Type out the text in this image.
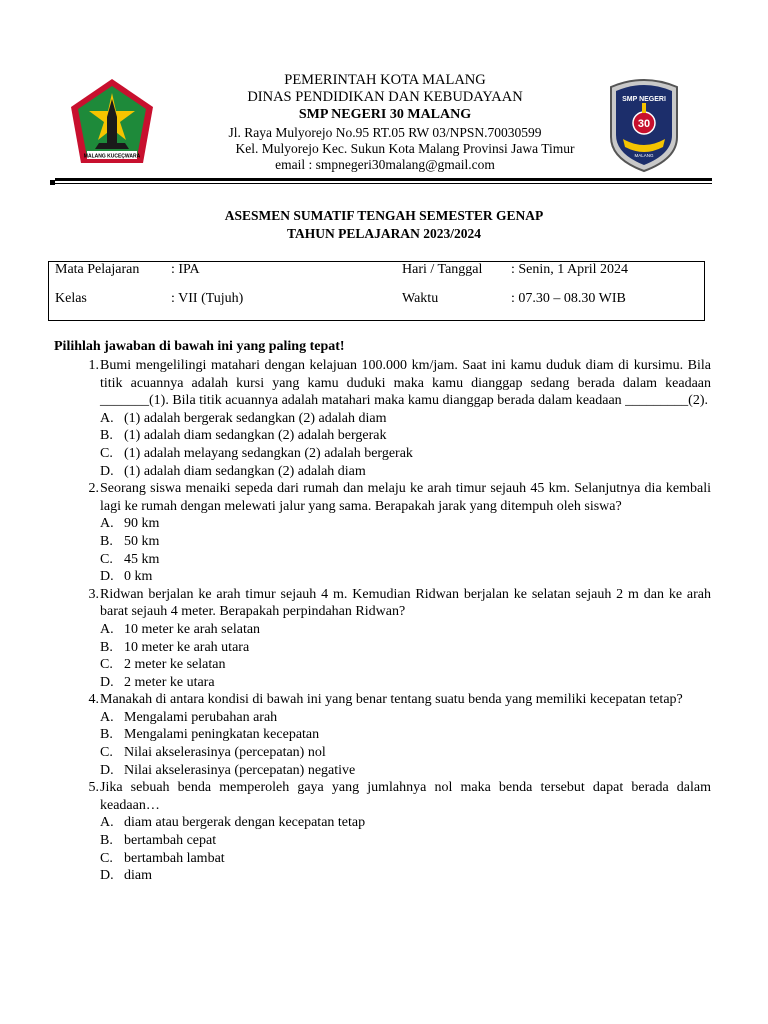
MALANG KUCEÇWARA
SMP NEGERI
30
MALANG
PEMERINTAH KOTA MALANG
DINAS PENDIDIKAN DAN KEBUDAYAAN
SMP NEGERI 30 MALANG
Jl. Raya Mulyorejo No.95 RT.05 RW 03/NPSN.70030599
Kel. Mulyorejo Kec. Sukun Kota Malang Provinsi Jawa Timur
email : smpnegeri30malang@gmail.com
ASESMEN SUMATIF TENGAH SEMESTER GENAP
TAHUN PELAJARAN 2023/2024
Mata Pelajaran : IPA	Hari / Tanggal : Senin, 1 April 2024
Kelas	: VII (Tujuh)	Waktu	: 07.30 – 08.30 WIB
Pilihlah jawaban di bawah ini yang paling tepat!
1. Bumi mengelilingi matahari dengan kelajuan 100.000 km/jam. Saat ini kamu duduk diam di kursimu. Bila titik acuannya adalah kursi yang kamu duduki maka kamu dianggap sedang berada dalam keadaan _______(1). Bila titik acuannya adalah matahari maka kamu dianggap berada dalam keadaan _________(2).
A. (1) adalah bergerak sedangkan (2) adalah diam
B. (1) adalah diam sedangkan (2) adalah bergerak
C. (1) adalah melayang sedangkan (2) adalah bergerak
D. (1) adalah diam sedangkan (2) adalah diam
2. Seorang siswa menaiki sepeda dari rumah dan melaju ke arah timur sejauh 45 km. Selanjutnya dia kembali lagi ke rumah dengan melewati jalur yang sama. Berapakah jarak yang ditempuh oleh siswa?
A. 90 km
B. 50 km
C. 45 km
D. 0 km
3. Ridwan berjalan ke arah timur sejauh 4 m. Kemudian Ridwan berjalan ke selatan sejauh 2 m dan ke arah barat sejauh 4 meter. Berapakah perpindahan Ridwan?
A. 10 meter ke arah selatan
B. 10 meter ke arah utara
C. 2 meter ke selatan
D. 2 meter ke utara
4. Manakah di antara kondisi di bawah ini yang benar tentang suatu benda yang memiliki kecepatan tetap?
A. Mengalami perubahan arah
B. Mengalami peningkatan kecepatan
C. Nilai akselerasinya (percepatan) nol
D. Nilai akselerasinya (percepatan) negative
5. Jika sebuah benda memperoleh gaya yang jumlahnya nol maka benda tersebut dapat berada dalam keadaan…
A. diam atau bergerak dengan kecepatan tetap
B. bertambah cepat
C. bertambah lambat
D. diam
